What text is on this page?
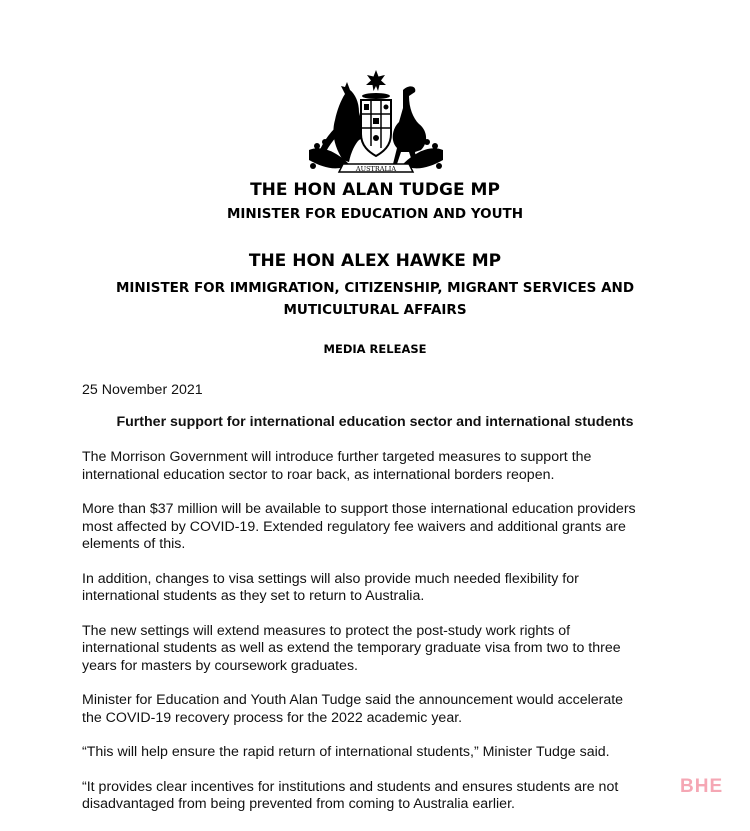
AUSTRALIA
THE HON ALAN TUDGE MP
MINISTER FOR EDUCATION AND YOUTH
THE HON ALEX HAWKE MP
MINISTER FOR IMMIGRATION, CITIZENSHIP, MIGRANT SERVICES AND
MUTICULTURAL AFFAIRS
MEDIA RELEASE
25 November 2021
Further support for international education sector and international students

The Morrison Government will introduce further targeted measures to support the
international education sector to roar back, as international borders reopen.

More than $37 million will be available to support those international education providers
most affected by COVID-19. Extended regulatory fee waivers and additional grants are
elements of this.

In addition, changes to visa settings will also provide much needed flexibility for
international students as they set to return to Australia.

The new settings will extend measures to protect the post-study work rights of
international students as well as extend the temporary graduate visa from two to three
years for masters by coursework graduates.

Minister for Education and Youth Alan Tudge said the announcement would accelerate
the COVID-19 recovery process for the 2022 academic year.

“This will help ensure the rapid return of international students,” Minister Tudge said.

“It provides clear incentives for institutions and students and ensures students are not
disadvantaged from being prevented from coming to Australia earlier.

BHE
